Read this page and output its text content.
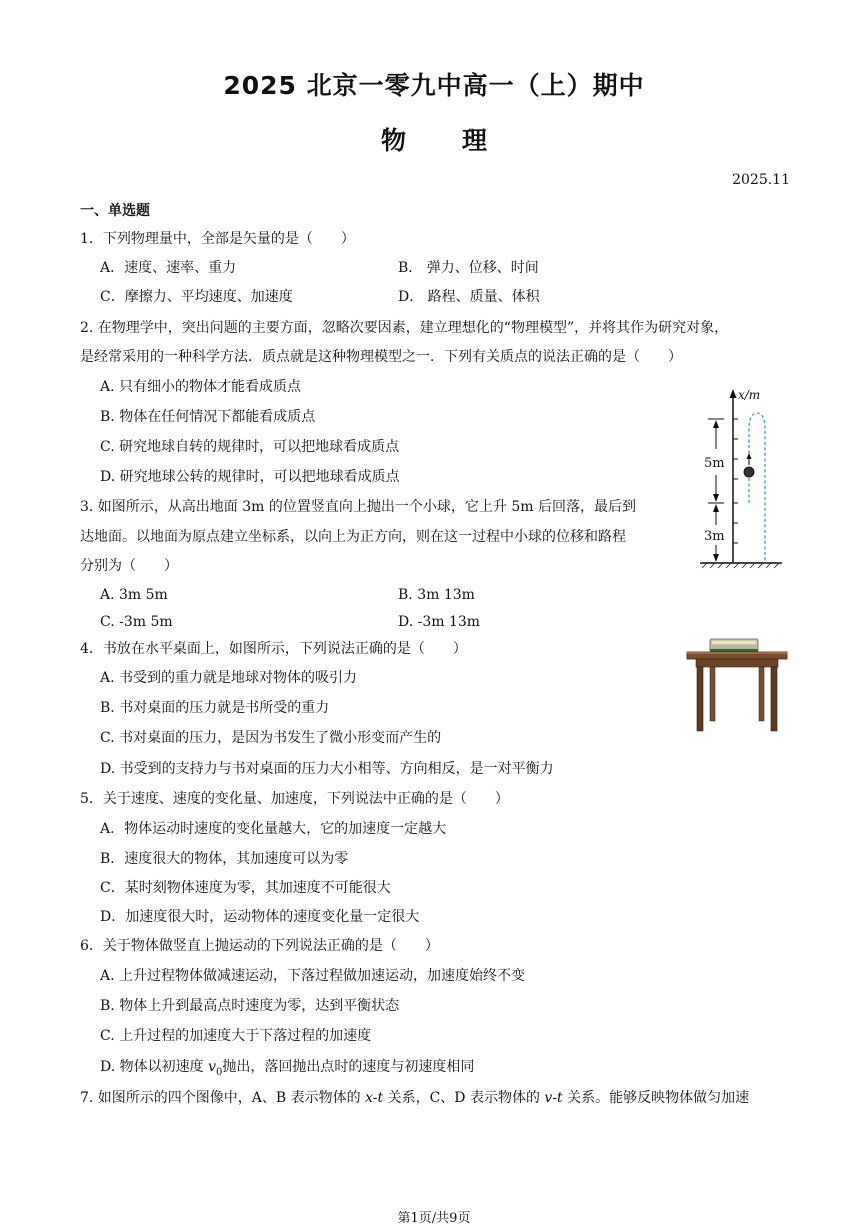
2025 北京一零九中高一（上）期中
物 理
2025.11
一、单选题
1．下列物理量中，全部是矢量的是（　　）
A．速度、速率、重力	B． 弹力、位移、时间
C．摩擦力、平均速度、加速度	D． 路程、质量、体积
2. 在物理学中，突出问题的主要方面，忽略次要因素，建立理想化的“物理模型”，并将其作为研究对象，
是经常采用的一种科学方法．质点就是这种物理模型之一．下列有关质点的说法正确的是（　　）
A. 只有细小的物体才能看成质点
B. 物体在任何情况下都能看成质点
C. 研究地球自转的规律时，可以把地球看成质点
D. 研究地球公转的规律时，可以把地球看成质点
3. 如图所示，从高出地面 3m 的位置竖直向上抛出一个小球，它上升 5m 后回落，最后到
达地面。以地面为原点建立坐标系，以向上为正方向，则在这一过程中小球的位移和路程
分别为（　　）
A. 3m 5m	B. 3m 13m
C. -3m 5m	D. -3m 13m
4．书放在水平桌面上，如图所示，下列说法正确的是（　　）
A. 书受到的重力就是地球对物体的吸引力
B. 书对桌面的压力就是书所受的重力
C. 书对桌面的压力，是因为书发生了微小形变而产生的
D. 书受到的支持力与书对桌面的压力大小相等、方向相反，是一对平衡力
5．关于速度、速度的变化量、加速度，下列说法中正确的是（　　）
A．物体运动时速度的变化量越大，它的加速度一定越大
B．速度很大的物体，其加速度可以为零
C．某时刻物体速度为零，其加速度不可能很大
D．加速度很大时，运动物体的速度变化量一定很大
6．关于物体做竖直上抛运动的下列说法正确的是（　　）
A. 上升过程物体做减速运动，下落过程做加速运动，加速度始终不变
B. 物体上升到最高点时速度为零，达到平衡状态
C. 上升过程的加速度大于下落过程的加速度
D. 物体以初速度 $v_0$抛出，落回抛出点时的速度与初速度相同
7. 如图所示的四个图像中，A、B 表示物体的 x-t 关系，C、D 表示物体的 v-t 关系。能够反映物体做匀加速
x/m
5m
3m
第1页/共9页
